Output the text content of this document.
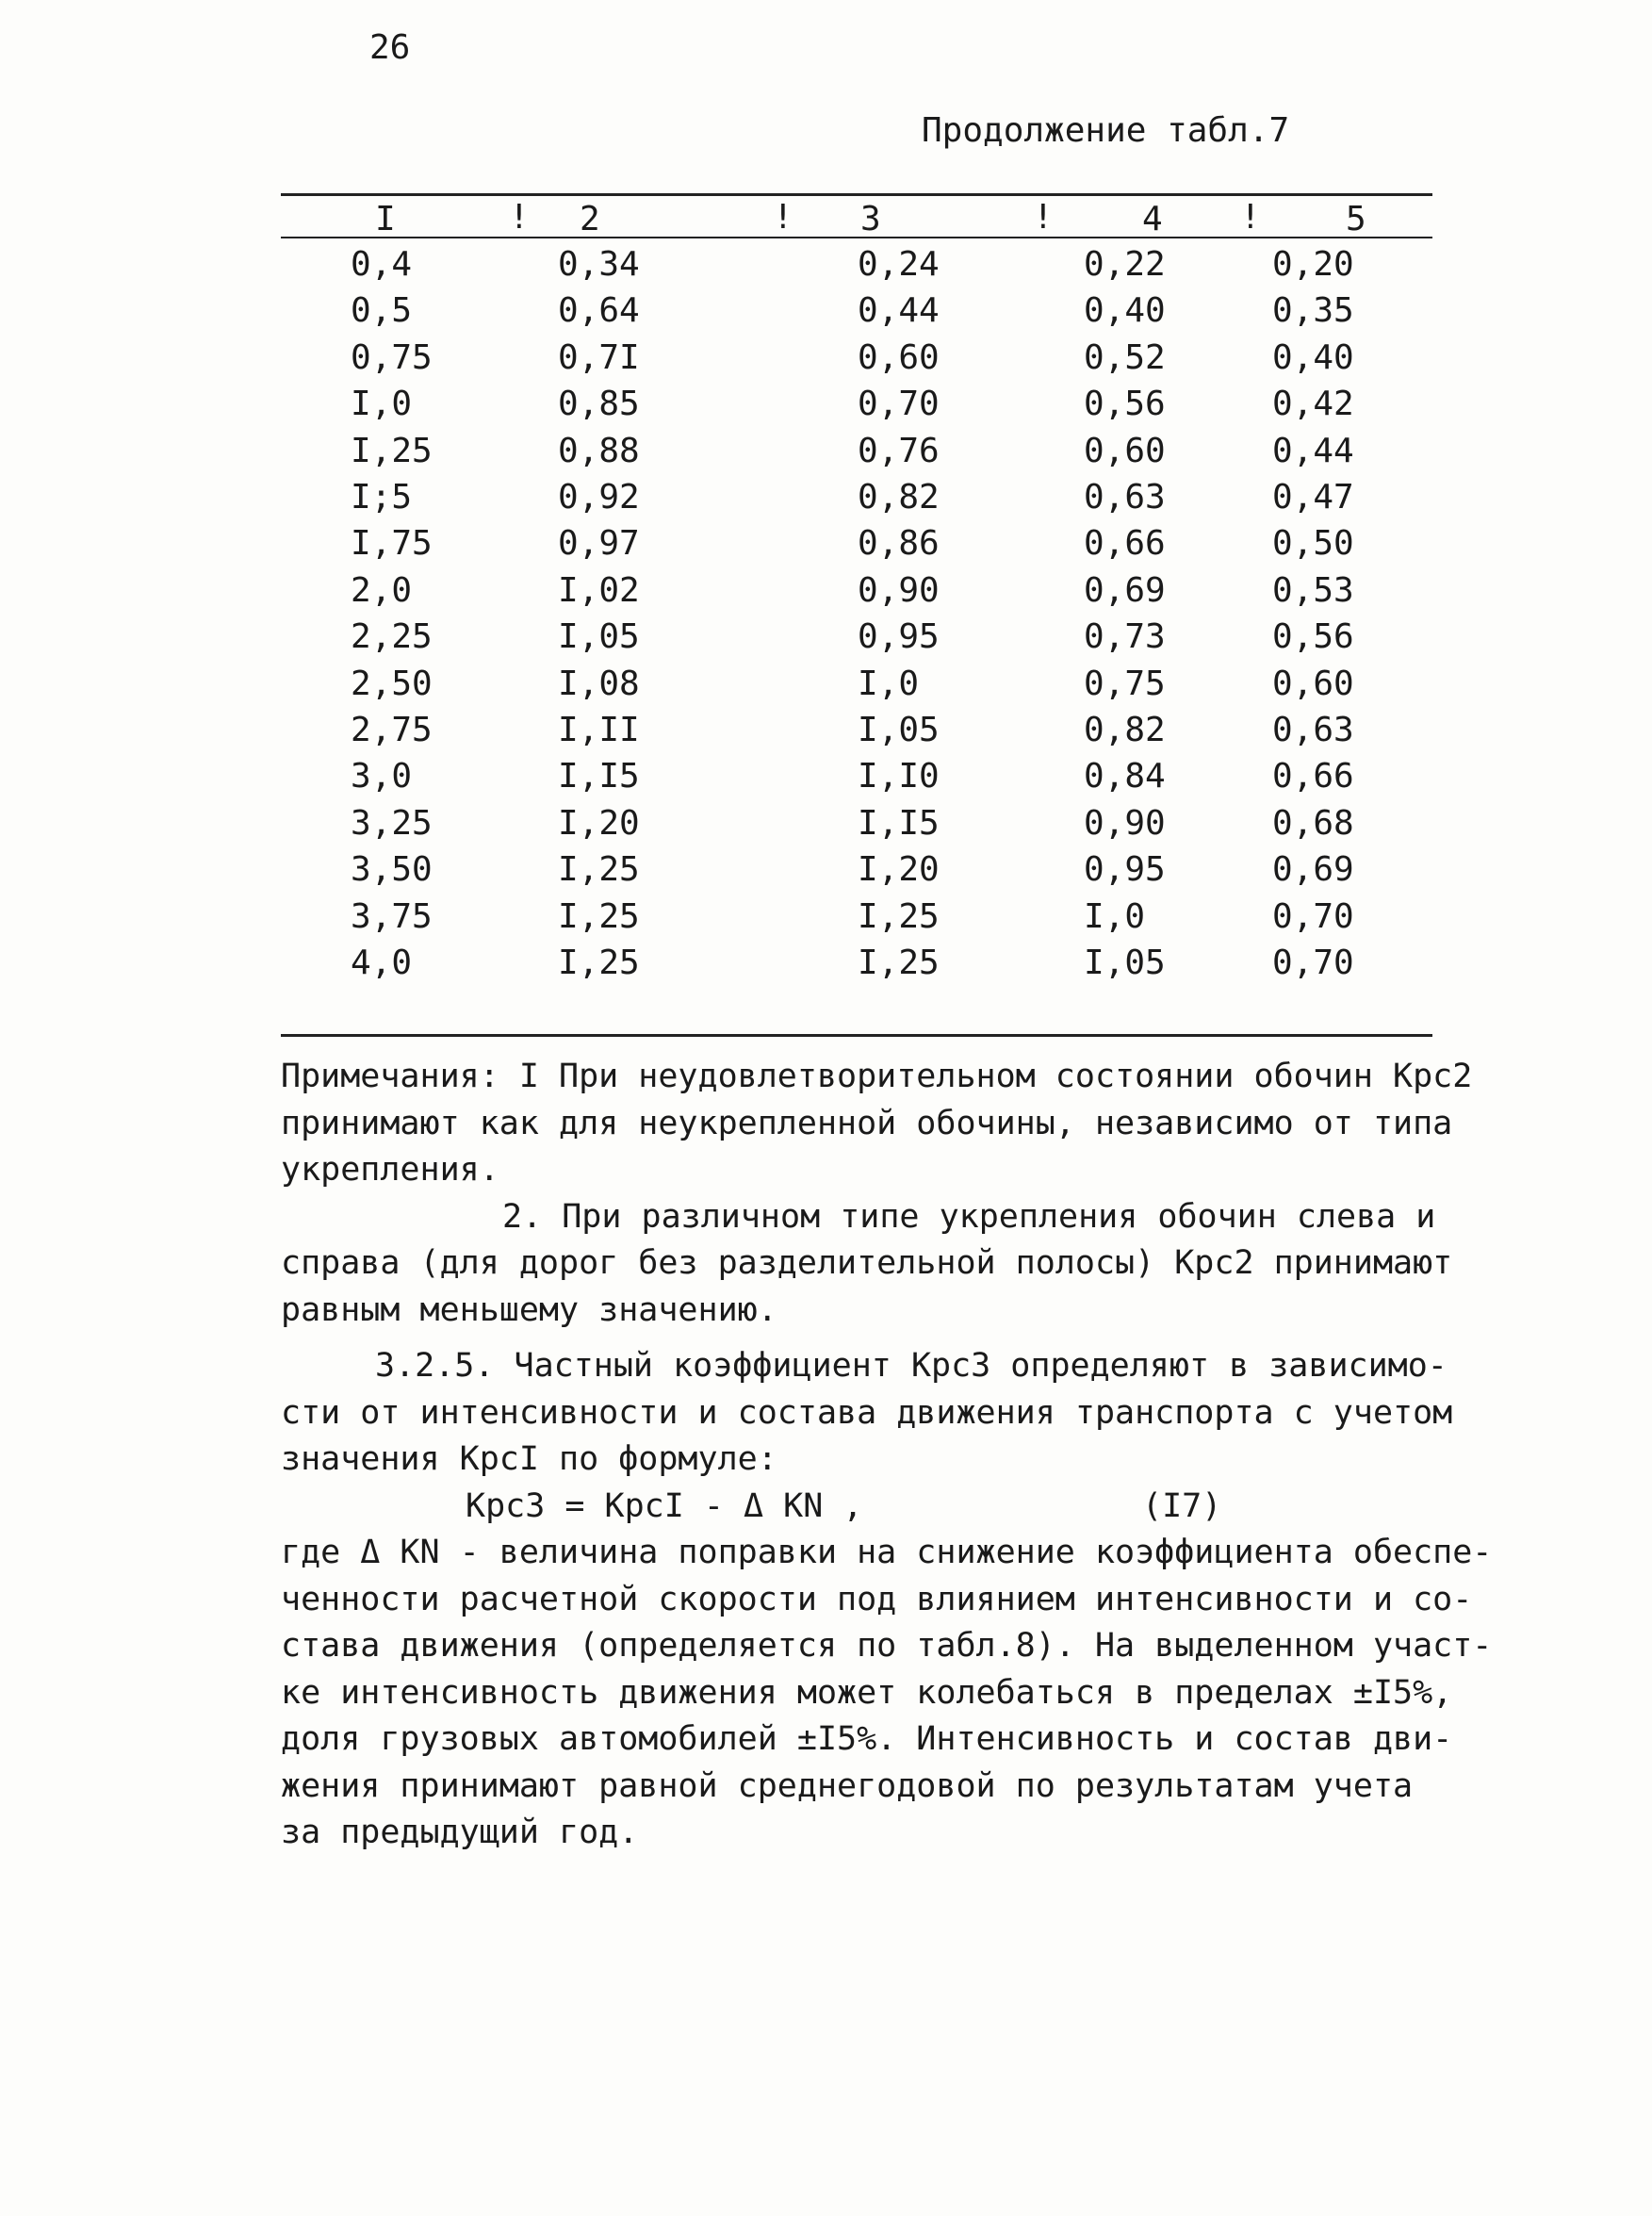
26
Продолжение табл.7
I	2	3	4	5
!	!	!	!
0,4	0,34	0,24	0,22	0,20
0,5	0,64	0,44	0,40	0,35
0,75	0,7I	0,60	0,52	0,40
I,0	0,85	0,70	0,56	0,42
I,25	0,88	0,76	0,60	0,44
I;5	0,92	0,82	0,63	0,47
I,75	0,97	0,86	0,66	0,50
2,0	I,02	0,90	0,69	0,53
2,25	I,05	0,95	0,73	0,56
2,50	I,08	I,0	0,75	0,60
2,75	I,II	I,05	0,82	0,63
3,0	I,I5	I,I0	0,84	0,66
3,25	I,20	I,I5	0,90	0,68
3,50	I,25	I,20	0,95	0,69
3,75	I,25	I,25	I,0	0,70
4,0	I,25	I,25	I,05	0,70

Примечания: I При неудовлетворительном состоянии обочин Крс2

принимают как для неукрепленной обочины, независимо от типа

укрепления.

2. При различном типе укрепления обочин слева и

справа (для дорог без разделительной полосы) Крс2 принимают

равным меньшему значению.

3.2.5. Частный коэффициент Крс3 определяют в зависимо-

сти от интенсивности и состава движения транспорта с учетом

значения КрсI по формуле:

Крс3 = КрсI - Δ КN ,	(I7)

где Δ КN - величина поправки на снижение коэффициента обеспе-

ченности расчетной скорости под влиянием интенсивности и со-

става движения (определяется по табл.8). На выделенном участ-

ке интенсивность движения может колебаться в пределах ±I5%,

доля грузовых автомобилей ±I5%. Интенсивность и состав дви-

жения принимают равной среднегодовой по результатам учета

за предыдущий год.
